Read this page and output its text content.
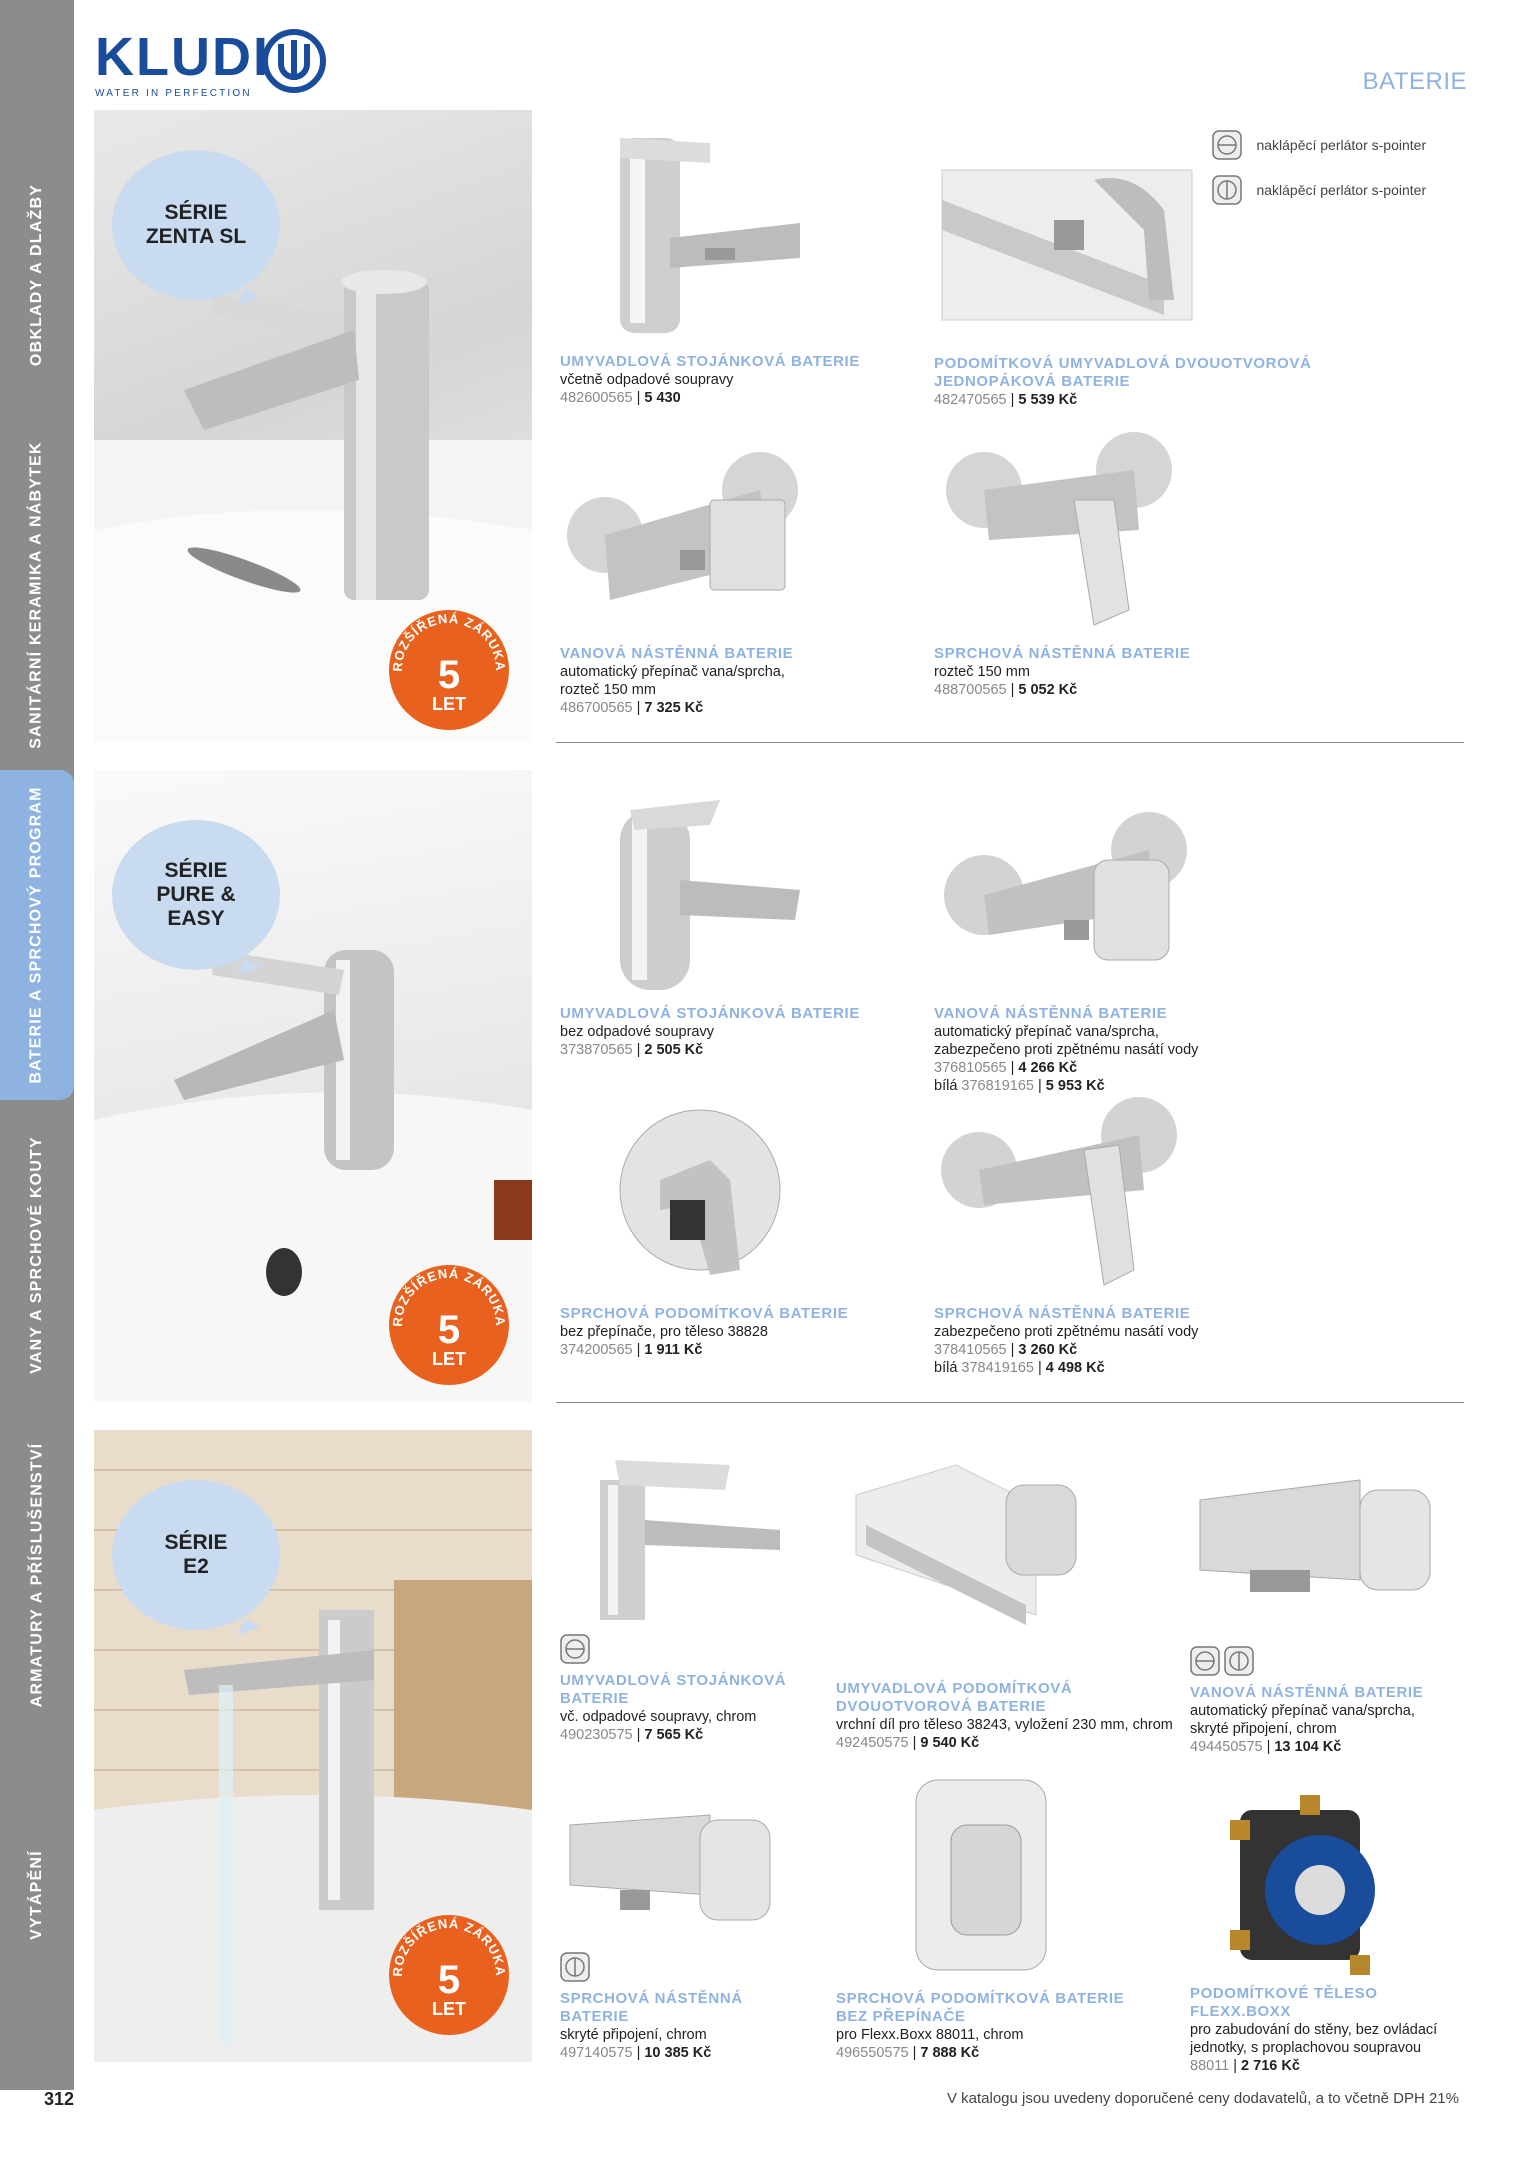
OBKLADY A DLAŽBY
SANITÁRNÍ KERAMIKA A NÁBYTEK
BATERIE A SPRCHOVÝ PROGRAM
VANY A SPRCHOVÉ KOUTY
ARMATURY A PŘÍSLUŠENSTVÍ
VYTÁPĚNÍ
KLUDI
WATER IN PERFECTION	BATERIE
naklápěcí perlátor s-pointer
naklápěcí perlátor s-pointer
SÉRIE
ZENTA SL
ROZŠÍŘENÁ ZÁRUKA
5
LET
UMYVADLOVÁ STOJÁNKOVÁ BATERIE
včetně odpadové soupravy
482600565 | 5 430
PODOMÍTKOVÁ UMYVADLOVÁ DVOUOTVOROVÁ JEDNOPÁKOVÁ BATERIE
482470565 | 5 539 Kč
VANOVÁ NÁSTĚNNÁ BATERIE
automatický přepínač vana/sprcha,
rozteč 150 mm
486700565 | 7 325 Kč
SPRCHOVÁ NÁSTĚNNÁ BATERIE
rozteč 150 mm
488700565 | 5 052 Kč
SÉRIE
PURE &
EASY
ROZŠÍŘENÁ ZÁRUKA
5
LET
UMYVADLOVÁ STOJÁNKOVÁ BATERIE
bez odpadové soupravy
373870565 | 2 505 Kč
VANOVÁ NÁSTĚNNÁ BATERIE
automatický přepínač vana/sprcha,
zabezpečeno proti zpětnému nasátí vody
376810565 | 4 266 Kč
bílá 376819165 | 5 953 Kč
SPRCHOVÁ PODOMÍTKOVÁ BATERIE
bez přepínače, pro těleso 38828
374200565 | 1 911 Kč
SPRCHOVÁ NÁSTĚNNÁ BATERIE
zabezpečeno proti zpětnému nasátí vody
378410565 | 3 260 Kč
bílá 378419165 | 4 498 Kč
SÉRIE
E2
ROZŠÍŘENÁ ZÁRUKA
5
LET
UMYVADLOVÁ STOJÁNKOVÁ BATERIE
vč. odpadové soupravy, chrom
490230575 | 7 565 Kč
UMYVADLOVÁ PODOMÍTKOVÁ DVOUOTVOROVÁ BATERIE
vrchní díl pro těleso 38243, vyložení 230 mm, chrom
492450575 | 9 540 Kč

VANOVÁ NÁSTĚNNÁ BATERIE
automatický přepínač vana/sprcha,
skryté připojení, chrom
494450575 | 13 104 Kč
SPRCHOVÁ NÁSTĚNNÁ BATERIE
skryté připojení, chrom
497140575 | 10 385 Kč
SPRCHOVÁ PODOMÍTKOVÁ BATERIE BEZ PŘEPÍNAČE
pro Flexx.Boxx 88011, chrom
496550575 | 7 888 Kč
PODOMÍTKOVÉ TĚLESO FLEXX.BOXX
pro zabudování do stěny, bez ovládací
jednotky, s proplachovou soupravou
88011 | 2 716 Kč
312	V katalogu jsou uvedeny doporučené ceny dodavatelů, a to včetně DPH 21%
